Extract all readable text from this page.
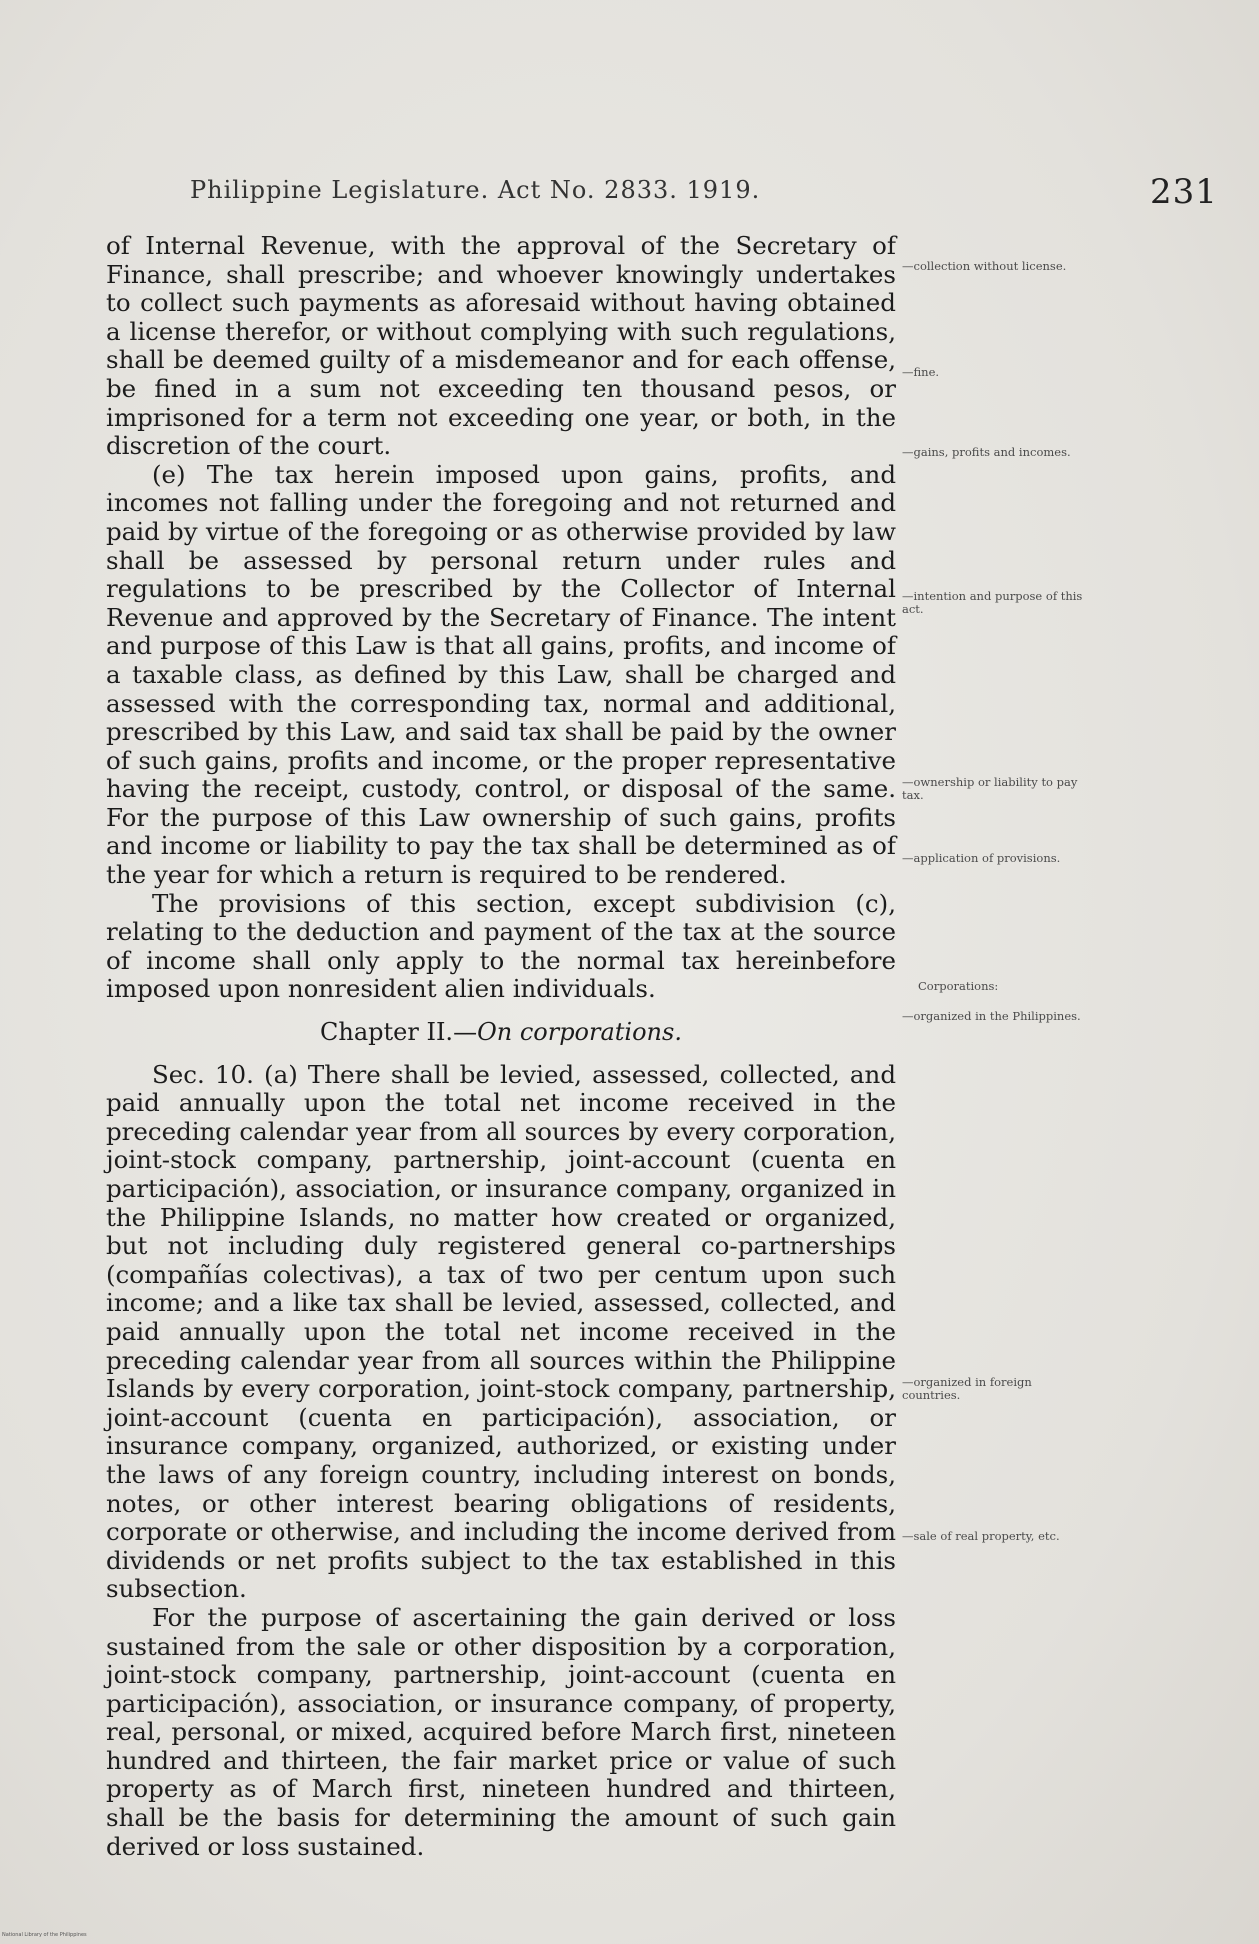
Philippine Legislature. Act No. 2833. 1919.	231

of Internal Revenue, with the approval of the Secretary of Finance, shall prescribe; and whoever knowingly undertakes to collect such payments as aforesaid without having obtained a license therefor, or without complying with such regulations, shall be deemed guilty of a misdemeanor and for each offense, be fined in a sum not exceeding ten thousand pesos, or imprisoned for a term not exceeding one year, or both, in the discretion of the court.

(e) The tax herein imposed upon gains, profits, and incomes not falling under the foregoing and not returned and paid by virtue of the foregoing or as otherwise provided by law shall be assessed by personal return under rules and regulations to be prescribed by the Collector of Internal Revenue and approved by the Secretary of Finance. The intent and purpose of this Law is that all gains, profits, and income of a taxable class, as defined by this Law, shall be charged and assessed with the corresponding tax, normal and additional, prescribed by this Law, and said tax shall be paid by the owner of such gains, profits and income, or the proper representative having the receipt, custody, control, or disposal of the same. For the purpose of this Law ownership of such gains, profits and income or liability to pay the tax shall be determined as of the year for which a return is required to be rendered.

The provisions of this section, except subdivision (c), relating to the deduction and payment of the tax at the source of income shall only apply to the normal tax hereinbefore imposed upon nonresident alien individuals.

Chapter II.—On corporations.

Sec. 10. (a) There shall be levied, assessed, collected, and paid annually upon the total net income received in the preceding calendar year from all sources by every corporation, joint-stock company, partnership, joint-account (cuenta en participación), association, or insurance company, organized in the Philippine Islands, no matter how created or organized, but not including duly registered general co-partnerships (compañías colectivas), a tax of two per centum upon such income; and a like tax shall be levied, assessed, collected, and paid annually upon the total net income received in the preceding calendar year from all sources within the Philippine Islands by every corporation, joint-stock company, partnership, joint-account (cuenta en participación), association, or insurance company, organized, authorized, or existing under the laws of any foreign country, including interest on bonds, notes, or other interest bearing obligations of residents, corporate or otherwise, and including the income derived from dividends or net profits subject to the tax established in this subsection.

For the purpose of ascertaining the gain derived or loss sustained from the sale or other disposition by a corporation, joint-stock company, partnership, joint-account (cuenta en participación), association, or insurance company, of property, real, personal, or mixed, acquired before March first, nineteen hundred and thirteen, the fair market price or value of such property as of March first, nineteen hundred and thirteen, shall be the basis for determining the amount of such gain derived or loss sustained.

—collection without license.
—fine.
—gains, profits and incomes.
—intention and purpose of this act.
—ownership or liability to pay tax.
—application of provisions.
Corporations:
—organized in the Philippines.
—organized in foreign countries.
—sale of real property, etc.
National Library of the Philippines
